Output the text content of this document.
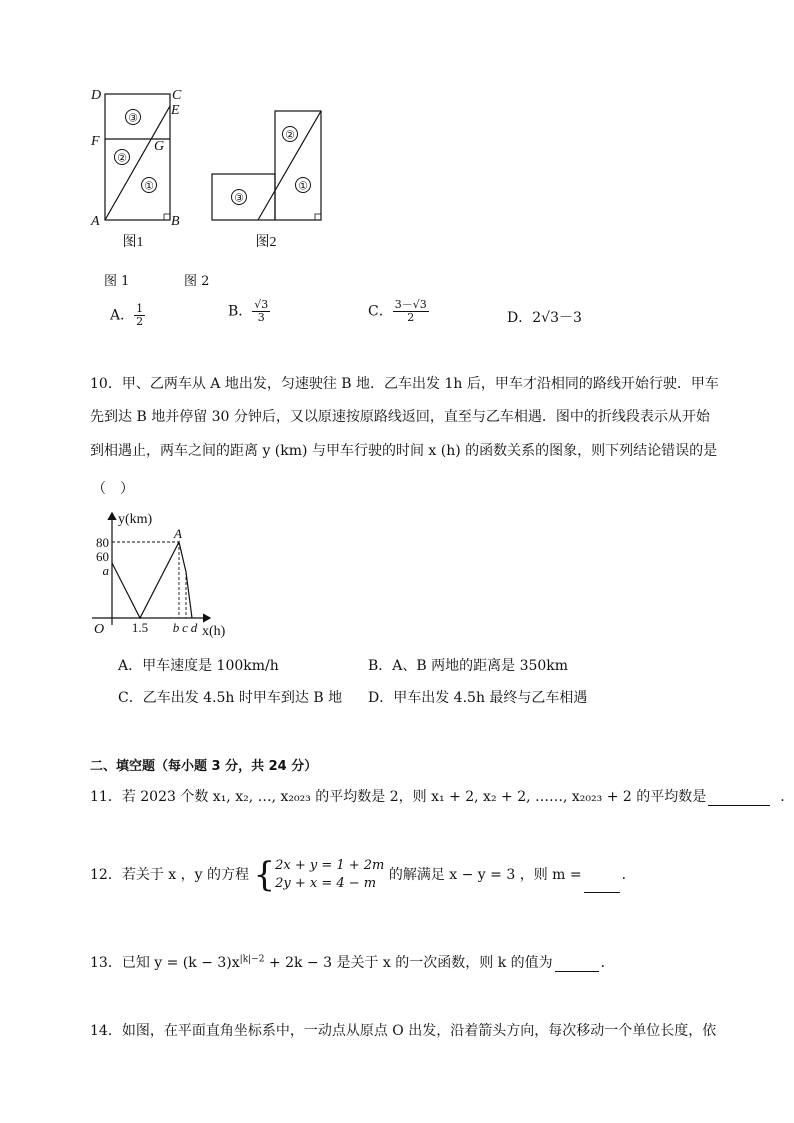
③
②
①
D	C
E
F	G
A	B
图1
②
①
③
图2
图 1	图 2
A． $\frac{1}{2}$	B． $\frac{√3}{3}$	C． $\frac{3-√3}{2}$	D．2√3－3
10．甲、乙两车从 A 地出发，匀速驶往 B 地．乙车出发 1h 后，甲车才沿相同的路线开始行驶．甲车
先到达 B 地并停留 30 分钟后，又以原速按原路线返回，直至与乙车相遇．图中的折线段表示从开始
到相遇止，两车之间的距离 y (km) 与甲车行驶的时间 x (h) 的函数关系的图象，则下列结论错误的是
（　）
y(km)
x(h)
O
80
60
a
1.5 b c d
A
A．甲车速度是 100km/h	B．A、B 两地的距离是 350km
C．乙车出发 4.5h 时甲车到达 B 地 D．甲车出发 4.5h 最终与乙车相遇
二、填空题（每小题 3 分，共 24 分）
11．若 2023 个数 x₁, x₂, …, x₂₀₂₃ 的平均数是 2，则 x₁ + 2, x₂ + 2, ……, x₂₀₂₃ + 2 的平均数是	．
12．若关于 x ，y 的方程 { 2x + y = 1 + 2m
2y + x = 4 − m
的解满足 x − y = 3 ，则 m =	．
13．已知 $y = (k - 3)x^{|k|-2} + 2k - 3$ 是关于 x 的一次函数，则 k 的值为	．
14．如图，在平面直角坐标系中，一动点从原点 O 出发，沿着箭头方向，每次移动一个单位长度，依
